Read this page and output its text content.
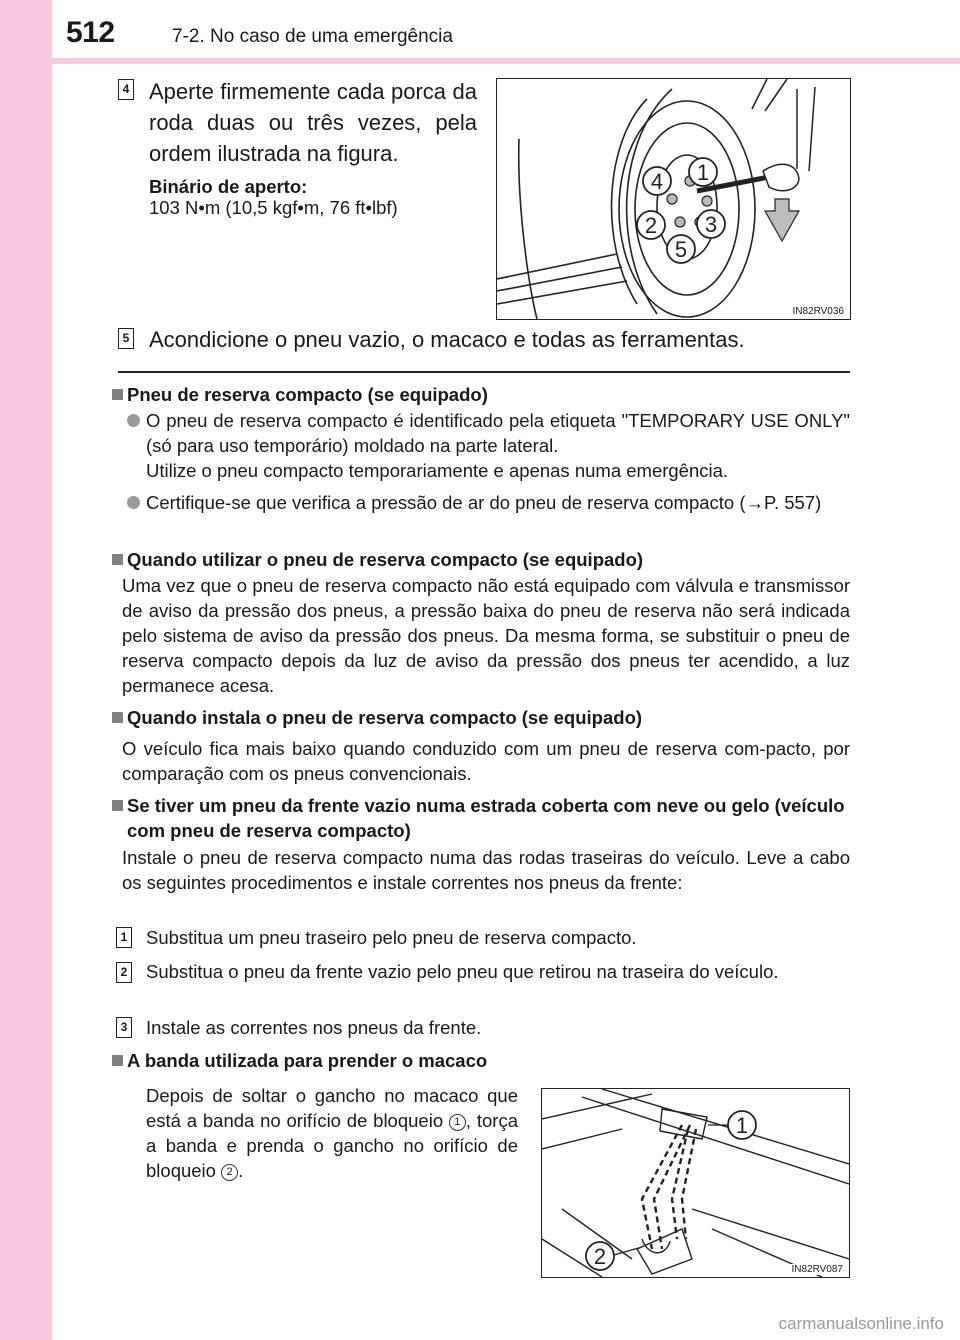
512	7-2. No caso de uma emergência
4 Aperte firmemente cada porca da roda duas ou três vezes, pela ordem ilustrada na figura.
Binário de aperto:
103 N•m (10,5 kgf•m, 76 ft•lbf)
1
2 3
4
5
IN82RV036
5 Acondicione o pneu vazio, o macaco e todas as ferramentas.
Pneu de reserva compacto (se equipado)
O pneu de reserva compacto é identificado pela etiqueta "TEMPORARY USE ONLY" (só para uso temporário) moldado na parte lateral.
Utilize o pneu compacto temporariamente e apenas numa emergência.
Certifique-se que verifica a pressão de ar do pneu de reserva compacto (→P. 557)
Quando utilizar o pneu de reserva compacto (se equipado)
Uma vez que o pneu de reserva compacto não está equipado com válvula e transmissor de aviso da pressão dos pneus, a pressão baixa do pneu de reserva não será indicada pelo sistema de aviso da pressão dos pneus. Da mesma forma, se substituir o pneu de reserva compacto depois da luz de aviso da pressão dos pneus ter acendido, a luz permanece acesa.
Quando instala o pneu de reserva compacto (se equipado)
O veículo fica mais baixo quando conduzido com um pneu de reserva com-pacto, por comparação com os pneus convencionais.
Se tiver um pneu da frente vazio numa estrada coberta com neve ou gelo (veículo com pneu de reserva compacto)
Instale o pneu de reserva compacto numa das rodas traseiras do veículo. Leve a cabo os seguintes procedimentos e instale correntes nos pneus da frente:
1 Substitua um pneu traseiro pelo pneu de reserva compacto.
2 Substitua o pneu da frente vazio pelo pneu que retirou na traseira do veículo.
3 Instale as correntes nos pneus da frente.
A banda utilizada para prender o macaco
Depois de soltar o gancho no macaco que está a banda no orifício de bloqueio 1 , torça a banda e prenda o gancho no orifício de bloqueio 2 .
1
2
IN82RV087
carmanualsonline.info
